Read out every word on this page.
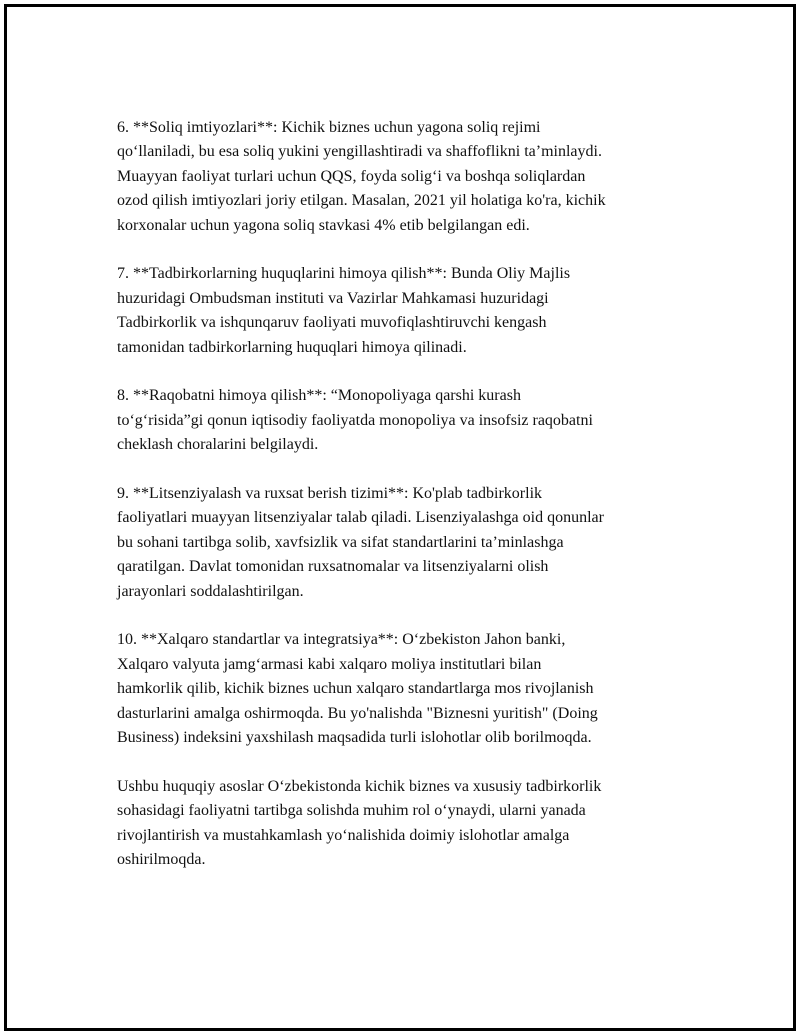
6. **Soliq imtiyozlari**: Kichik biznes uchun yagona soliq rejimi
qo‘llaniladi, bu esa soliq yukini yengillashtiradi va shaffoflikni ta’minlaydi.
Muayyan faoliyat turlari uchun QQS, foyda solig‘i va boshqa soliqlardan
ozod qilish imtiyozlari joriy etilgan. Masalan, 2021 yil holatiga ko'ra, kichik
korxonalar uchun yagona soliq stavkasi 4% etib belgilangan edi.

7. **Tadbirkorlarning huquqlarini himoya qilish**: Bunda Oliy Majlis
huzuridagi Ombudsman instituti va Vazirlar Mahkamasi huzuridagi
Tadbirkorlik va ishqunqaruv faoliyati muvofiqlashtiruvchi kengash
tamonidan tadbirkorlarning huquqlari himoya qilinadi.

8. **Raqobatni himoya qilish**: “Monopoliyaga qarshi kurash
to‘g‘risida”gi qonun iqtisodiy faoliyatda monopoliya va insofsiz raqobatni
cheklash choralarini belgilaydi.

9. **Litsenziyalash va ruxsat berish tizimi**: Ko'plab tadbirkorlik
faoliyatlari muayyan litsenziyalar talab qiladi. Lisenziyalashga oid qonunlar
bu sohani tartibga solib, xavfsizlik va sifat standartlarini ta’minlashga
qaratilgan. Davlat tomonidan ruxsatnomalar va litsenziyalarni olish
jarayonlari soddalashtirilgan.

10. **Xalqaro standartlar va integratsiya**: O‘zbekiston Jahon banki,
Xalqaro valyuta jamg‘armasi kabi xalqaro moliya institutlari bilan
hamkorlik qilib, kichik biznes uchun xalqaro standartlarga mos rivojlanish
dasturlarini amalga oshirmoqda. Bu yo'nalishda "Biznesni yuritish" (Doing
Business) indeksini yaxshilash maqsadida turli islohotlar olib borilmoqda.

Ushbu huquqiy asoslar O‘zbekistonda kichik biznes va xususiy tadbirkorlik
sohasidagi faoliyatni tartibga solishda muhim rol o‘ynaydi, ularni yanada
rivojlantirish va mustahkamlash yo‘nalishida doimiy islohotlar amalga
oshirilmoqda.
